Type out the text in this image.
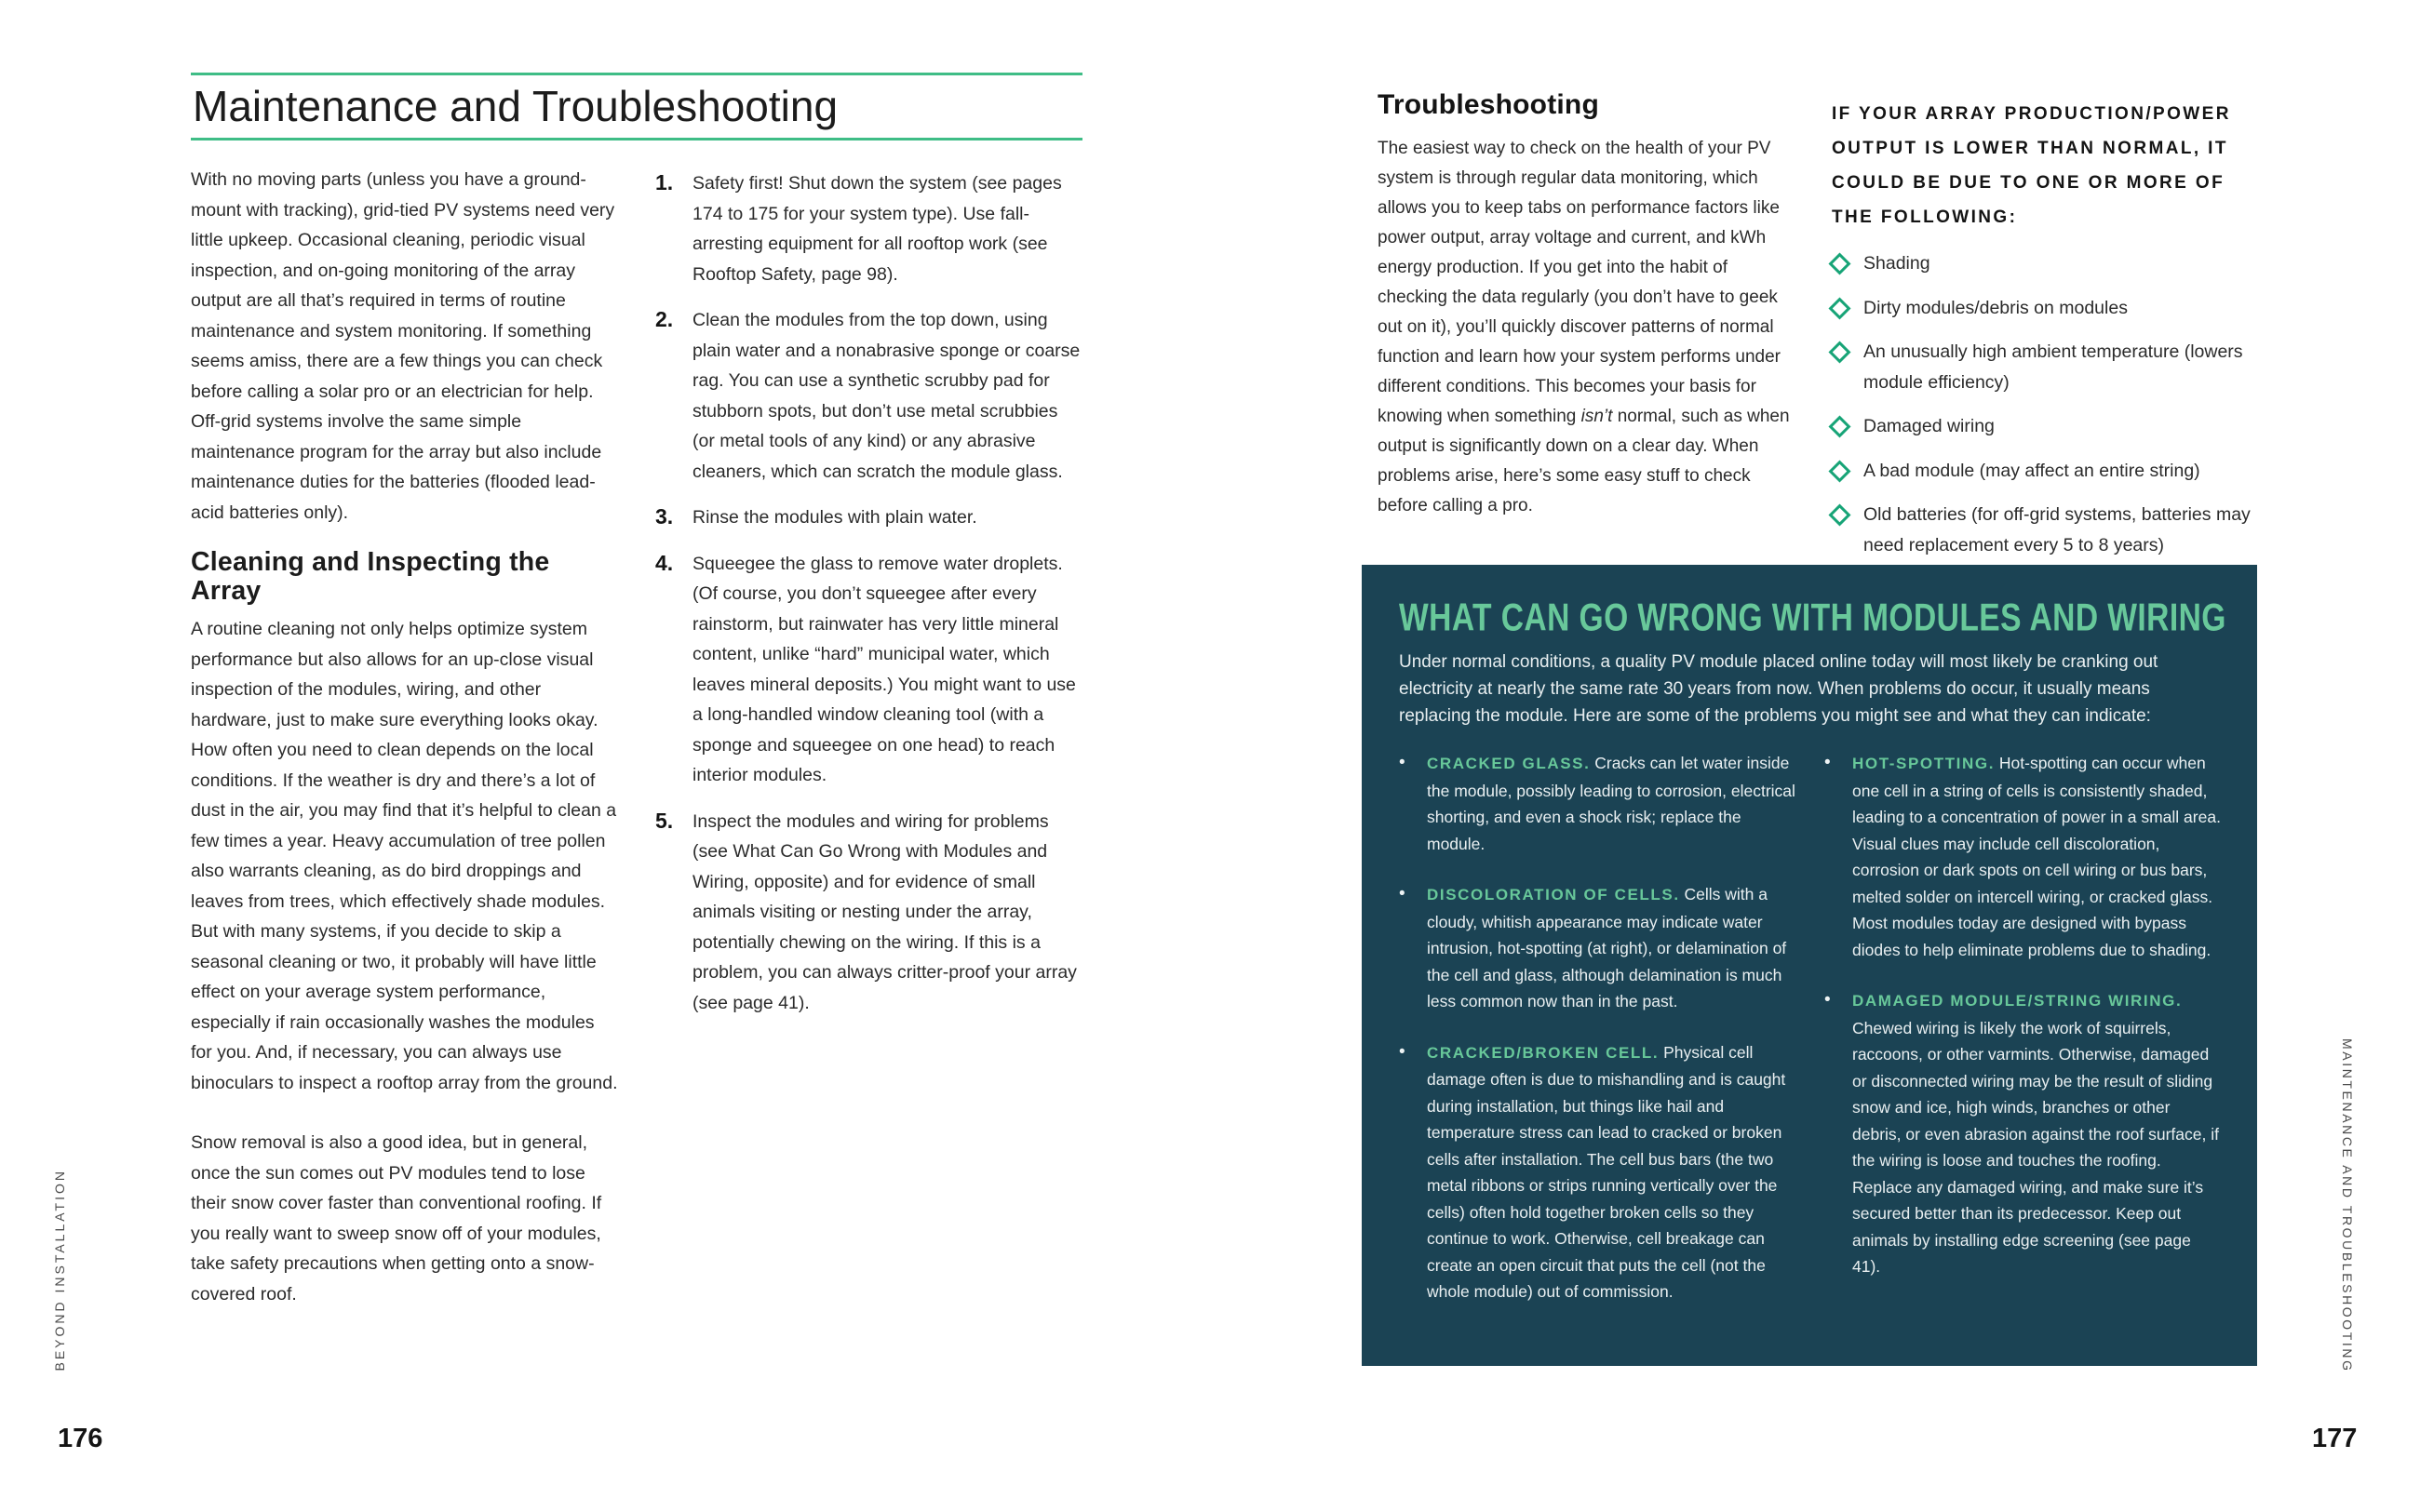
Maintenance and Troubleshooting

With no moving parts (unless you have a ground-mount with tracking), grid-tied PV systems need very little upkeep. Occasional cleaning, periodic visual inspection, and on-going monitoring of the array output are all that’s required in terms of routine maintenance and system monitoring. If something seems amiss, there are a few things you can check before calling a solar pro or an electrician for help. Off-grid systems involve the same simple maintenance program for the array but also include maintenance duties for the batteries (flooded lead-acid batteries only).

Cleaning and Inspecting the Array

A routine cleaning not only helps optimize system performance but also allows for an up-close visual inspection of the modules, wiring, and other hardware, just to make sure everything looks okay. How often you need to clean depends on the local conditions. If the weather is dry and there’s a lot of dust in the air, you may find that it’s helpful to clean a few times a year. Heavy accumulation of tree pollen also warrants cleaning, as do bird droppings and leaves from trees, which effectively shade modules. But with many systems, if you decide to skip a seasonal cleaning or two, it probably will have little effect on your average system performance, especially if rain occasionally washes the modules for you. And, if necessary, you can always use binoculars to inspect a rooftop array from the ground.

Snow removal is also a good idea, but in general, once the sun comes out PV modules tend to lose their snow cover faster than conventional roofing. If you really want to sweep snow off of your modules, take safety precautions when getting onto a snow-covered roof.

1.	Safety first! Shut down the system (see pages 174 to 175 for your system type). Use fall-arresting equipment for all rooftop work (see Rooftop Safety, page 98).
2.	Clean the modules from the top down, using plain water and a nonabrasive sponge or coarse rag. You can use a synthetic scrubby pad for stubborn spots, but don’t use metal scrubbies (or metal tools of any kind) or any abrasive cleaners, which can scratch the module glass.
3.	Rinse the modules with plain water.
4.	Squeegee the glass to remove water droplets. (Of course, you don’t squeegee after every rainstorm, but rainwater has very little mineral content, unlike “hard” municipal water, which leaves mineral deposits.) You might want to use a long-handled window cleaning tool (with a sponge and squeegee on one head) to reach interior modules.
5.	Inspect the modules and wiring for problems (see What Can Go Wrong with Modules and Wiring, opposite) and for evidence of small animals visiting or nesting under the array, potentially chewing on the wiring. If this is a problem, you can always critter-proof your array (see page 41).
Troubleshooting

The easiest way to check on the health of your PV system is through regular data monitoring, which allows you to keep tabs on performance factors like power output, array voltage and current, and kWh energy production. If you get into the habit of checking the data regularly (you don’t have to geek out on it), you’ll quickly discover patterns of normal function and learn how your system performs under different conditions. This becomes your basis for knowing when something isn’t normal, such as when output is significantly down on a clear day. When problems arise, here’s some easy stuff to check before calling a pro.

IF YOUR ARRAY PRODUCTION/POWER OUTPUT IS LOWER THAN NORMAL, IT COULD BE DUE TO ONE OR MORE OF THE FOLLOWING:

Shading
Dirty modules/debris on modules
An unusually high ambient temperature (lowers module efficiency)
Damaged wiring
A bad module (may affect an entire string)
Old batteries (for off-grid systems, batteries may need replacement every 5 to 8 years)
WHAT CAN GO WRONG WITH MODULES AND WIRING

Under normal conditions, a quality PV module placed online today will most likely be cranking out electricity at nearly the same rate 30 years from now. When problems do occur, it usually means replacing the module. Here are some of the problems you might see and what they can indicate:

•

CRACKED GLASS. Cracks can let water inside the module, possibly leading to corrosion, electrical shorting, and even a shock risk; replace the module.

•

DISCOLORATION OF CELLS. Cells with a cloudy, whitish appearance may indicate water intrusion, hot-spotting (at right), or delamination of the cell and glass, although delamination is much less common now than in the past.

•

CRACKED/BROKEN CELL. Physical cell damage often is due to mishandling and is caught during installation, but things like hail and temperature stress can lead to cracked or broken cells after installation. The cell bus bars (the two metal ribbons or strips running vertically over the cells) often hold together broken cells so they continue to work. Otherwise, cell breakage can create an open circuit that puts the cell (not the whole module) out of commission.

•

HOT-SPOTTING. Hot-spotting can occur when one cell in a string of cells is consistently shaded, leading to a concentration of power in a small area. Visual clues may include cell discoloration, corrosion or dark spots on cell wiring or bus bars, melted solder on intercell wiring, or cracked glass. Most modules today are designed with bypass diodes to help eliminate problems due to shading.

•

DAMAGED MODULE/STRING WIRING. Chewed wiring is likely the work of squirrels, raccoons, or other varmints. Otherwise, damaged or disconnected wiring may be the result of sliding snow and ice, high winds, branches or other debris, or even abrasion against the roof surface, if the wiring is loose and touches the roofing. Replace any damaged wiring, and make sure it’s secured better than its predecessor. Keep out animals by installing edge screening (see page 41).

BEYOND INSTALLATION	MAINTENANCE AND TROUBLESHOOTING
176	177
